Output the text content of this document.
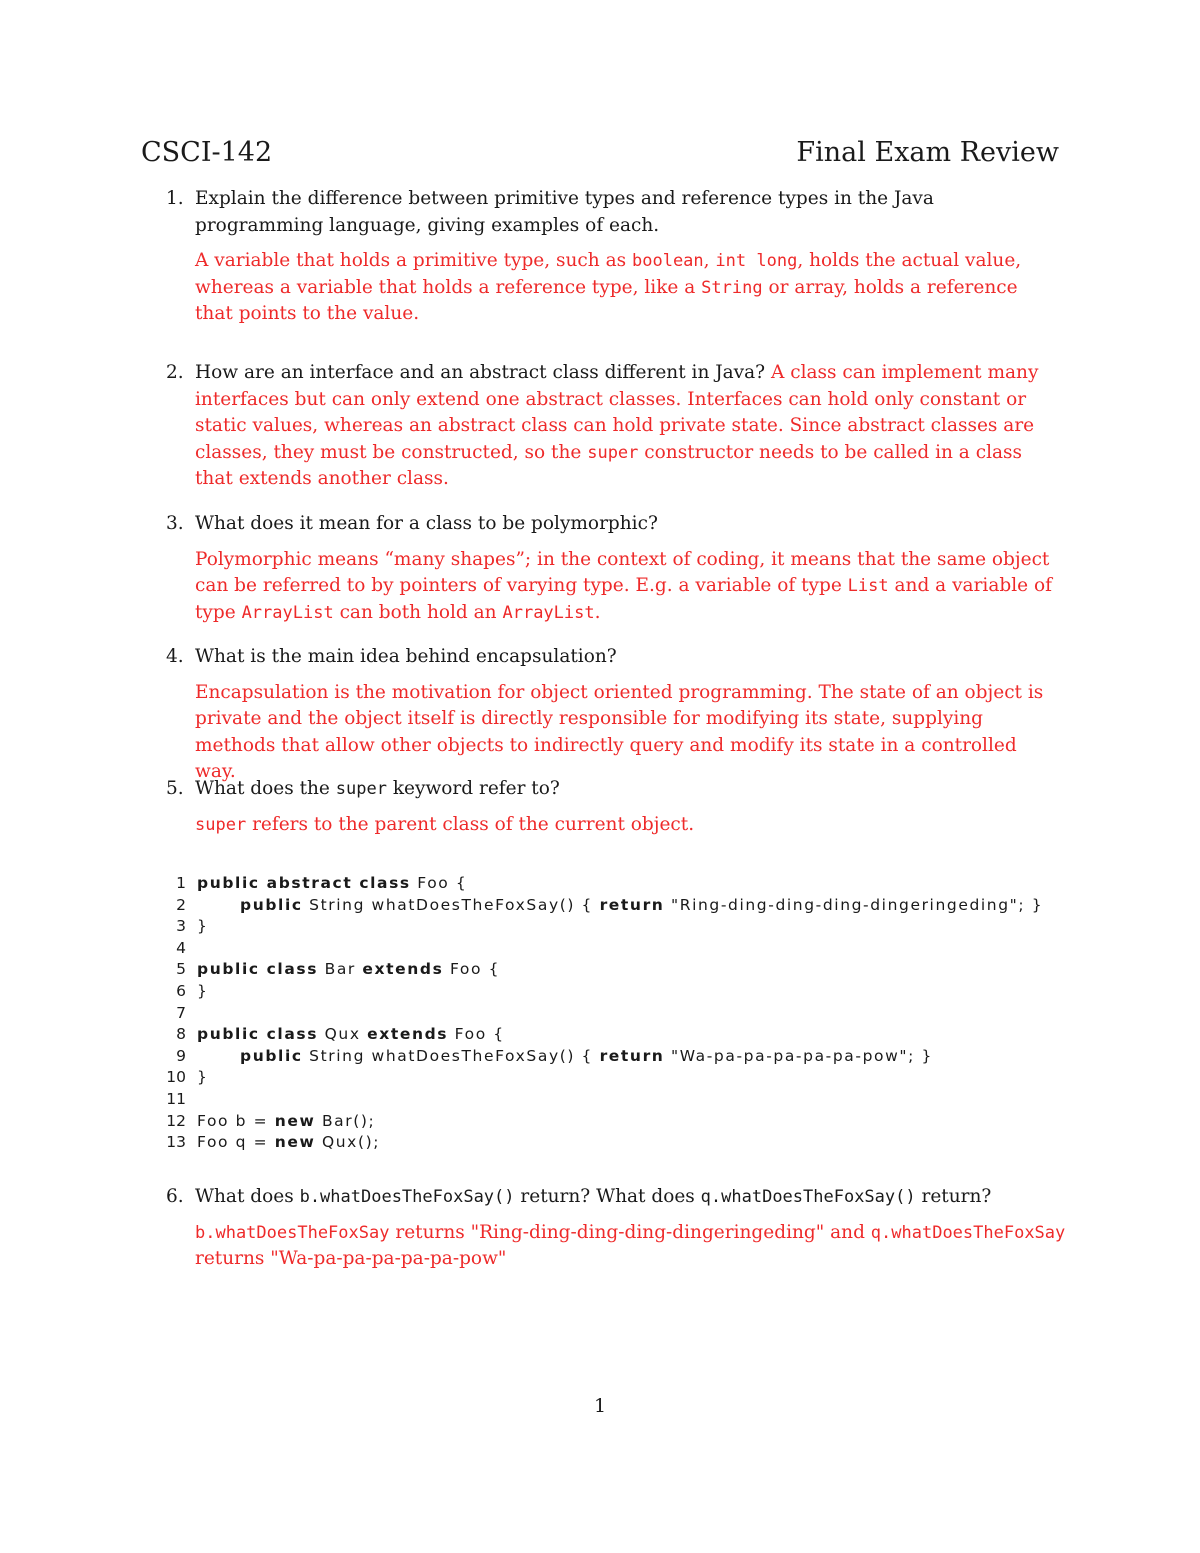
CSCI-142	Final Exam Review
1. Explain the difference between primitive types and reference types in the Java programming language, giving examples of each.
A variable that holds a primitive type, such as boolean, int long, holds the actual value, whereas a variable that holds a reference type, like a String or array, holds a reference that points to the value.
2. How are an interface and an abstract class different in Java? A class can implement many interfaces but can only extend one abstract classes. Interfaces can hold only constant or static values, whereas an abstract class can hold private state. Since abstract classes are classes, they must be constructed, so the super constructor needs to be called in a class that extends another class.
3. What does it mean for a class to be polymorphic?
Polymorphic means “many shapes”; in the context of coding, it means that the same object can be referred to by pointers of varying type. E.g. a variable of type List and a variable of type ArrayList can both hold an ArrayList.
4. What is the main idea behind encapsulation?
Encapsulation is the motivation for object oriented programming. The state of an object is private and the object itself is directly responsible for modifying its state, supplying methods that allow other objects to indirectly query and modify its state in a controlled way.
5. What does the super keyword refer to?
super refers to the parent class of the current object.
1 public abstract class Foo {
2	public String whatDoesTheFoxSay() { return "Ring-ding-ding-ding-dingeringeding"; }
3 }
4
5 public class Bar extends Foo {
6 }
7
8 public class Qux extends Foo {
9	public String whatDoesTheFoxSay() { return "Wa-pa-pa-pa-pa-pa-pow"; }
10 }
11
12 Foo b = new Bar();
13 Foo q = new Qux();
6. What does b.whatDoesTheFoxSay() return? What does q.whatDoesTheFoxSay() return?
b.whatDoesTheFoxSay returns "Ring-ding-ding-ding-dingeringeding" and q.whatDoesTheFoxSay returns "Wa-pa-pa-pa-pa-pa-pow"
1
